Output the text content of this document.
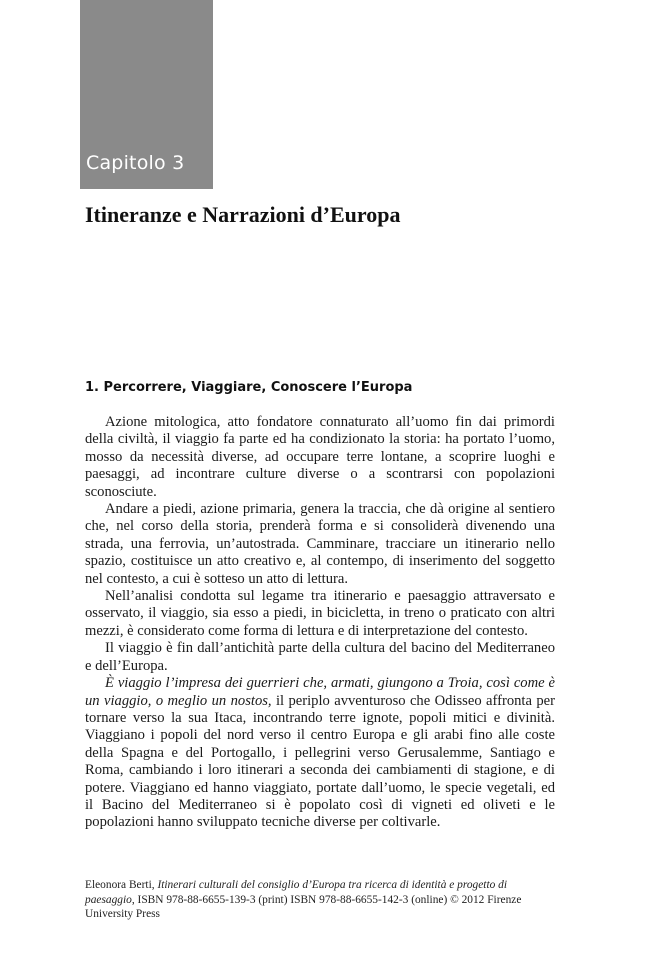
Capitolo 3
Itineranze e Narrazioni d’Europa
1. Percorrere, Viaggiare, Conoscere l’Europa

Azione mitologica, atto fondatore connaturato all’uomo fin dai primordi della civiltà, il viaggio fa parte ed ha condizionato la storia: ha portato l’uomo, mosso da necessità diverse, ad occupare terre lontane, a scoprire luoghi e paesaggi, ad incontrare culture diverse o a scontrarsi con popolazioni sconosciute.

Andare a piedi, azione primaria, genera la traccia, che dà origine al sentiero che, nel corso della storia, prenderà forma e si consoliderà divenendo una strada, una ferrovia, un’autostrada. Camminare, tracciare un itinerario nello spazio, costituisce un atto creativo e, al contempo, di inserimento del soggetto nel contesto, a cui è sotteso un atto di lettura.

Nell’analisi condotta sul legame tra itinerario e paesaggio attraversato e osservato, il viaggio, sia esso a piedi, in bicicletta, in treno o praticato con altri mezzi, è considerato come forma di lettura e di interpretazione del contesto.

Il viaggio è fin dall’antichità parte della cultura del bacino del Mediterraneo e dell’Europa.

È viaggio l’impresa dei guerrieri che, armati, giungono a Troia, così come è un viaggio, o meglio un nostos, il periplo avventuroso che Odisseo affronta per tornare verso la sua Itaca, incontrando terre ignote, popoli mitici e divinità. Viaggiano i popoli del nord verso il centro Europa e gli arabi fino alle coste della Spagna e del Portogallo, i pellegrini verso Gerusalemme, Santiago e Roma, cambiando i loro itinerari a seconda dei cambiamenti di stagione, e di potere. Viaggiano ed hanno viaggiato, portate dall’uomo, le specie vegetali, ed il Bacino del Mediterraneo si è popolato così di vigneti ed oliveti e le popolazioni hanno sviluppato tecniche diverse per coltivarle.

Eleonora Berti, Itinerari culturali del consiglio d’Europa tra ricerca di identità e progetto di paesaggio, ISBN 978-88-6655-139-3 (print) ISBN 978-88-6655-142-3 (online) © 2012 Firenze University Press
